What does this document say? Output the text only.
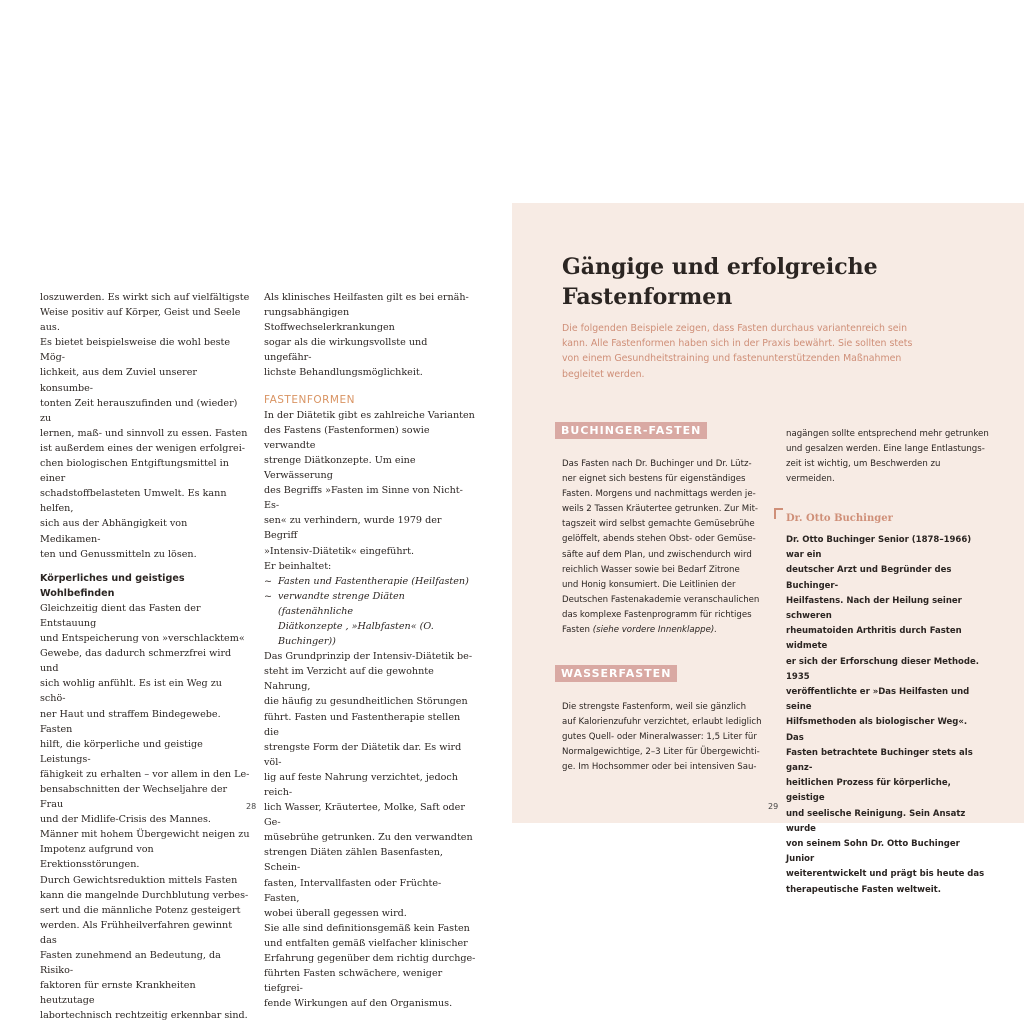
loszuwerden. Es wirkt sich auf vielfältigste

Weise positiv auf Körper, Geist und Seele aus.

Es bietet beispielsweise die wohl beste Mög-

lichkeit, aus dem Zuviel unserer konsumbe-

tonten Zeit herauszufinden und (wieder) zu

lernen, maß- und sinnvoll zu essen. Fasten

ist außerdem eines der wenigen erfolgrei-

chen biologischen Entgiftungsmittel in einer

schadstoffbelasteten Umwelt. Es kann helfen,

sich aus der Abhängigkeit von Medikamen-

ten und Genussmitteln zu lösen.

Körperliches und geistiges

Wohlbefinden

Gleichzeitig dient das Fasten der Entstauung

und Entspeicherung von »verschlacktem«

Gewebe, das dadurch schmerzfrei wird und

sich wohlig anfühlt. Es ist ein Weg zu schö-

ner Haut und straffem Bindegewebe. Fasten

hilft, die körperliche und geistige Leistungs-

fähigkeit zu erhalten – vor allem in den Le-

bensabschnitten der Wechseljahre der Frau

und der Midlife-Crisis des Mannes.

Männer mit hohem Übergewicht neigen zu

Impotenz aufgrund von Erektionsstörungen.

Durch Gewichtsreduktion mittels Fasten

kann die mangelnde Durchblutung verbes-

sert und die männliche Potenz gesteigert

werden. Als Frühheilverfahren gewinnt das

Fasten zunehmend an Bedeutung, da Risiko-

faktoren für ernste Krankheiten heutzutage

labortechnisch rechtzeitig erkennbar sind.

Als klinisches Heilfasten gilt es bei ernäh-

rungsabhängigen Stoffwechselerkrankungen

sogar als die wirkungsvollste und ungefähr-

lichste Behandlungsmöglichkeit.

FASTENFORMEN

In der Diätetik gibt es zahlreiche Varianten

des Fastens (Fastenformen) sowie verwandte

strenge Diätkonzepte. Um eine Verwässerung

des Begriffs »Fasten im Sinne von Nicht-Es-

sen« zu verhindern, wurde 1979 der Begriff

»Intensiv-Diätetik« eingeführt.

Er beinhaltet:

~ Fasten und Fastentherapie (Heilfasten)
~ verwandte strenge Diäten (fastenähnliche
Diätkonzepte , »Halbfasten« (O. Buchinger))

Das Grundprinzip der Intensiv-Diätetik be-

steht im Verzicht auf die gewohnte Nahrung,

die häufig zu gesundheitlichen Störungen

führt. Fasten und Fastentherapie stellen die

strengste Form der Diätetik dar. Es wird völ-

lig auf feste Nahrung verzichtet, jedoch reich-

lich Wasser, Kräutertee, Molke, Saft oder Ge-

müsebrühe getrunken. Zu den verwandten

strengen Diäten zählen Basenfasten, Schein-

fasten, Intervallfasten oder Früchte-Fasten,

wobei überall gegessen wird.

Sie alle sind definitionsgemäß kein Fasten

und entfalten gemäß vielfacher klinischer

Erfahrung gegenüber dem richtig durchge-

führten Fasten schwächere, weniger tiefgrei-

fende Wirkungen auf den Organismus.

28
Gängige und erfolgreiche
Fastenformen
Die folgenden Beispiele zeigen, dass Fasten durchaus variantenreich sein
kann. Alle Fastenformen haben sich in der Praxis bewährt. Sie sollten stets
von einem Gesundheitstraining und fastenunterstützenden Maßnahmen
begleitet werden.
BUCHINGER-FASTEN

Das Fasten nach Dr. Buchinger und Dr. Lütz-

ner eignet sich bestens für eigenständiges

Fasten. Morgens und nachmittags werden je-

weils 2 Tassen Kräutertee getrunken. Zur Mit-

tagszeit wird selbst gemachte Gemüsebrühe

gelöffelt, abends stehen Obst- oder Gemüse-

säfte auf dem Plan, und zwischendurch wird

reichlich Wasser sowie bei Bedarf Zitrone

und Honig konsumiert. Die Leitlinien der

Deutschen Fastenakademie veranschaulichen

das komplexe Fastenprogramm für richtiges

Fasten (siehe vordere Innenklappe).

WASSERFASTEN

Die strengste Fastenform, weil sie gänzlich

auf Kalorienzufuhr verzichtet, erlaubt lediglich

gutes Quell- oder Mineralwasser: 1,5 Liter für

Normalgewichtige, 2–3 Liter für Übergewichti-

ge. Im Hochsommer oder bei intensiven Sau-

nagängen sollte entsprechend mehr getrunken

und gesalzen werden. Eine lange Entlastungs-

zeit ist wichtig, um Beschwerden zu vermeiden.

Dr. Otto Buchinger
Dr. Otto Buchinger Senior (1878–1966) war ein
deutscher Arzt und Begründer des Buchinger-
Heilfastens. Nach der Heilung seiner schweren
rheumatoiden Arthritis durch Fasten widmete
er sich der Erforschung dieser Methode. 1935
veröffentlichte er »Das Heilfasten und seine
Hilfsmethoden als biologischer Weg«. Das
Fasten betrachtete Buchinger stets als ganz-
heitlichen Prozess für körperliche, geistige
und seelische Reinigung. Sein Ansatz wurde
von seinem Sohn Dr. Otto Buchinger Junior
weiterentwickelt und prägt bis heute das
therapeutische Fasten weltweit.
29
